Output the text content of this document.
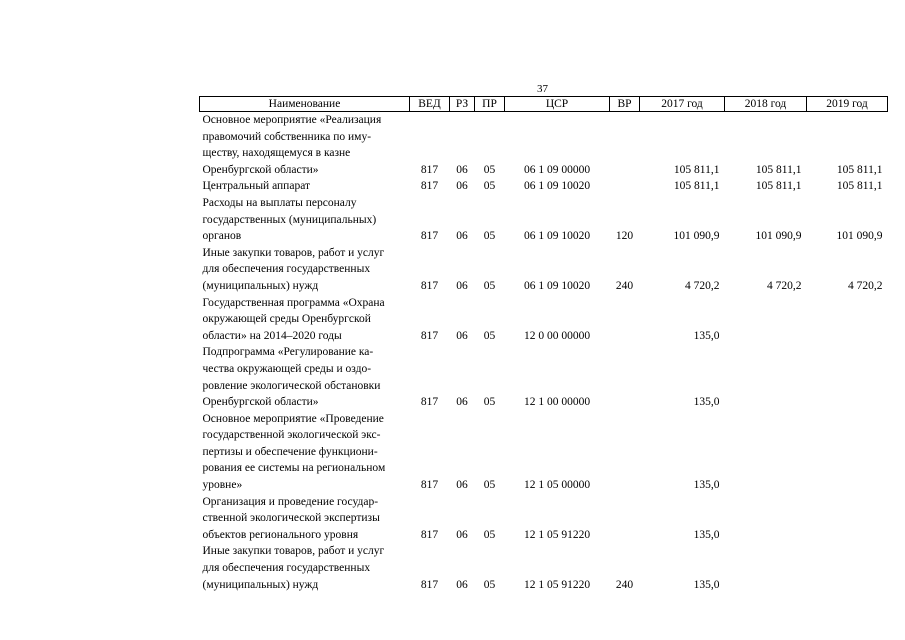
37
Наименование	ВЕД	РЗ	ПР	ЦСР	ВР	2017 год	2018 год	2019 год
Основное мероприятие «Реализация
правомочий собственника по иму-
ществу, находящемуся в казне
Оренбургской области»	817	06	05	06 1 09 00000		105 811,1	105 811,1	105 811,1
Центральный аппарат	817	06	05	06 1 09 10020		105 811,1	105 811,1	105 811,1
Расходы на выплаты персоналу
государственных (муниципальных)
органов	817	06	05	06 1 09 10020	120	101 090,9	101 090,9	101 090,9
Иные закупки товаров, работ и услуг
для обеспечения государственных
(муниципальных) нужд	817	06	05	06 1 09 10020	240	4 720,2	4 720,2	4 720,2
Государственная программа «Охрана
окружающей среды Оренбургской
области» на 2014–2020 годы	817	06	05	12 0 00 00000		135,0		
Подпрограмма «Регулирование ка-
чества окружающей среды и оздо-
ровление экологической обстановки
Оренбургской области»	817	06	05	12 1 00 00000		135,0		
Основное мероприятие «Проведение
государственной экологической экс-
пертизы и обеспечение функциони-
рования ее системы на региональном
уровне»	817	06	05	12 1 05 00000		135,0		
Организация и проведение государ-
ственной экологической экспертизы
объектов регионального уровня	817	06	05	12 1 05 91220		135,0		
Иные закупки товаров, работ и услуг
для обеспечения государственных
(муниципальных) нужд	817	06	05	12 1 05 91220	240	135,0		
